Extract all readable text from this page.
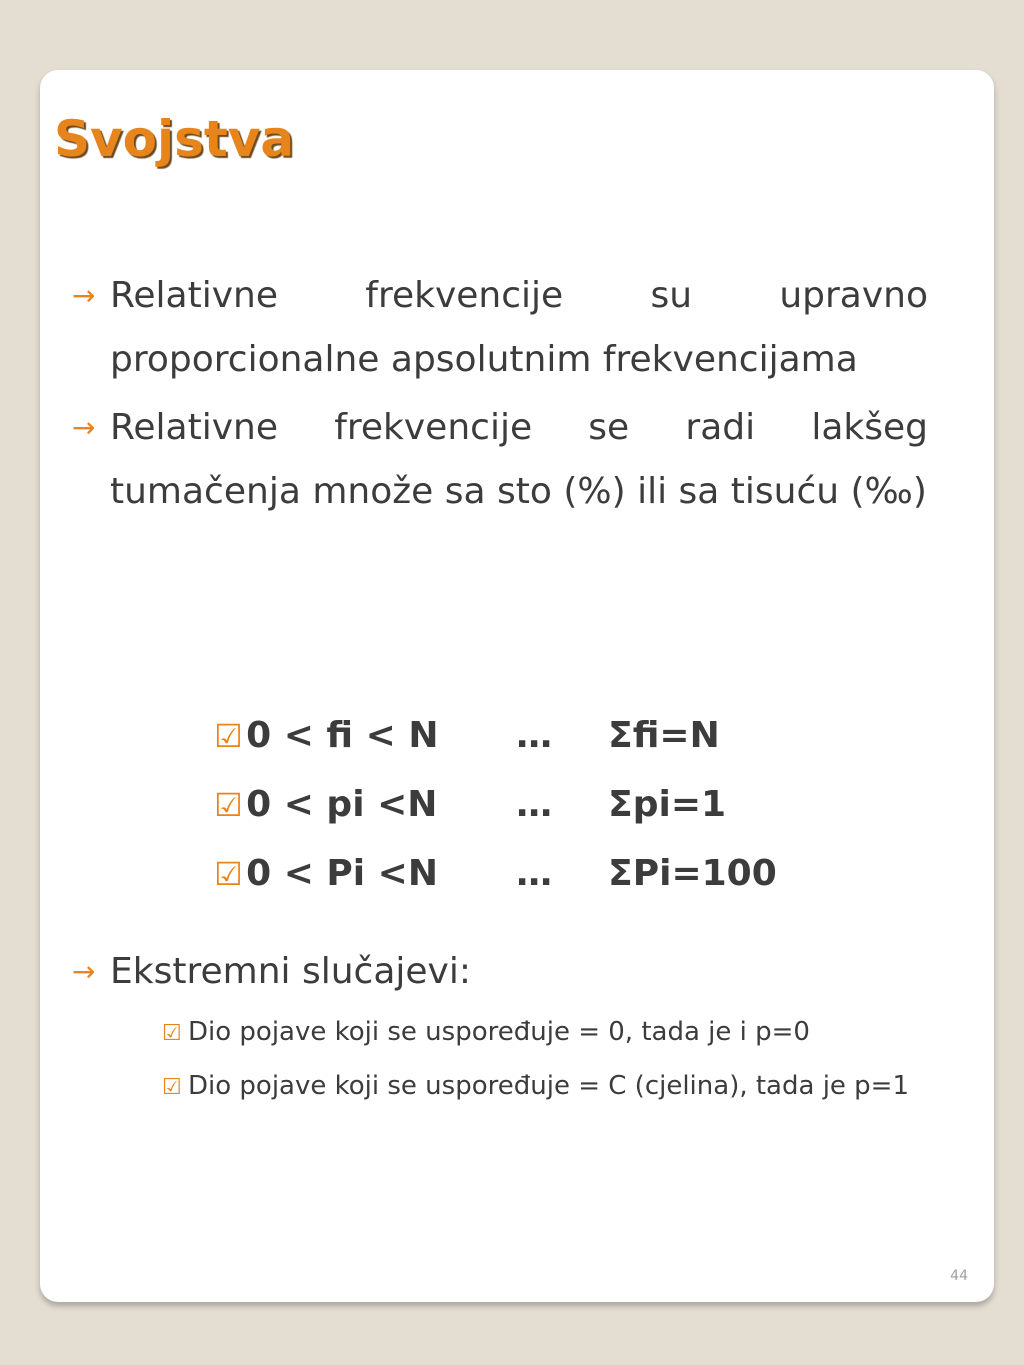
Svojstva
→ Relativne frekvencije su upravno proporcionalne apsolutnim frekvencijama
→ Relativne frekvencije se radi lakšeg tumačenja množe sa sto (%) ili sa tisuću (‰)

☑0 < fi < N … Σfi=N

☑0 < pi <N … Σpi=1

☑0 < Pi <N … ΣPi=100

→ Ekstremni slučajevi:
☑ Dio pojave koji se uspoređuje = 0, tada je i p=0
☑ Dio pojave koji se uspoređuje = C (cjelina), tada je p=1
44
